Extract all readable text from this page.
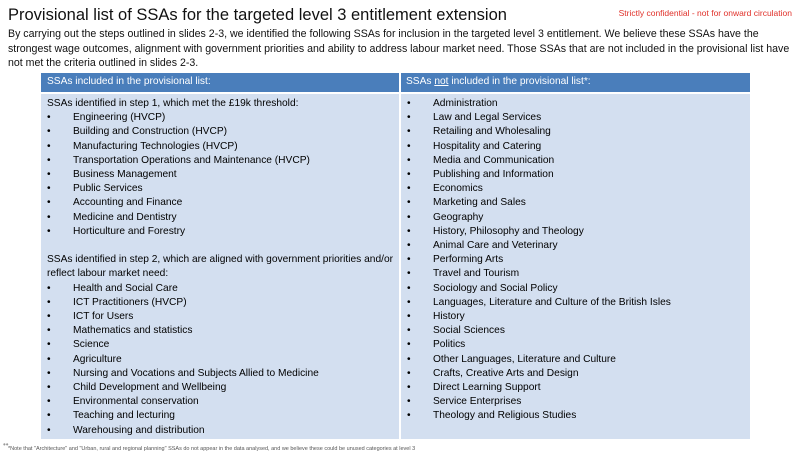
Provisional list of SSAs for the targeted level 3 entitlement extension	Strictly confidential - not for onward circulation
By carrying out the steps outlined in slides 2-3, we identified the following SSAs for inclusion in the targeted level 3 entitlement. We believe these SSAs have the strongest wage outcomes, alignment with government priorities and ability to address labour market need. Those SSAs that are not included in the provisional list have not met the criteria outlined in slides 2-3.
SSAs included in the provisional list:	SSAs not included in the provisional list*:

SSAs identified in step 1, which met the £19k threshold:

• Engineering (HVCP)
• Building and Construction (HVCP)
• Manufacturing Technologies (HVCP)
• Transportation Operations and Maintenance (HVCP)
• Business Management
• Public Services
• Accounting and Finance
• Medicine and Dentistry
• Horticulture and Forestry

SSAs identified in step 2, which are aligned with government priorities and/or reflect labour market need:

• Health and Social Care
• ICT Practitioners (HVCP)
• ICT for Users
• Mathematics and statistics
• Science
• Agriculture
• Nursing and Vocations and Subjects Allied to Medicine
• Child Development and Wellbeing
• Environmental conservation
• Teaching and lecturing
• Warehousing and distribution
• Administration
• Law and Legal Services
• Retailing and Wholesaling
• Hospitality and Catering
• Media and Communication
• Publishing and Information
• Economics
• Marketing and Sales
• Geography
• History, Philosophy and Theology
• Animal Care and Veterinary
• Performing Arts
• Travel and Tourism
• Sociology and Social Policy
• Languages, Literature and Culture of the British Isles
• History
• Social Sciences
• Politics
• Other Languages, Literature and Culture
• Crafts, Creative Arts and Design
• Direct Learning Support
• Service Enterprises
• Theology and Religious Studies
•• *Note that "Architecture" and "Urban, rural and regional planning" SSAs do not appear in the data analysed, and we believe these could be unused categories at level 3
